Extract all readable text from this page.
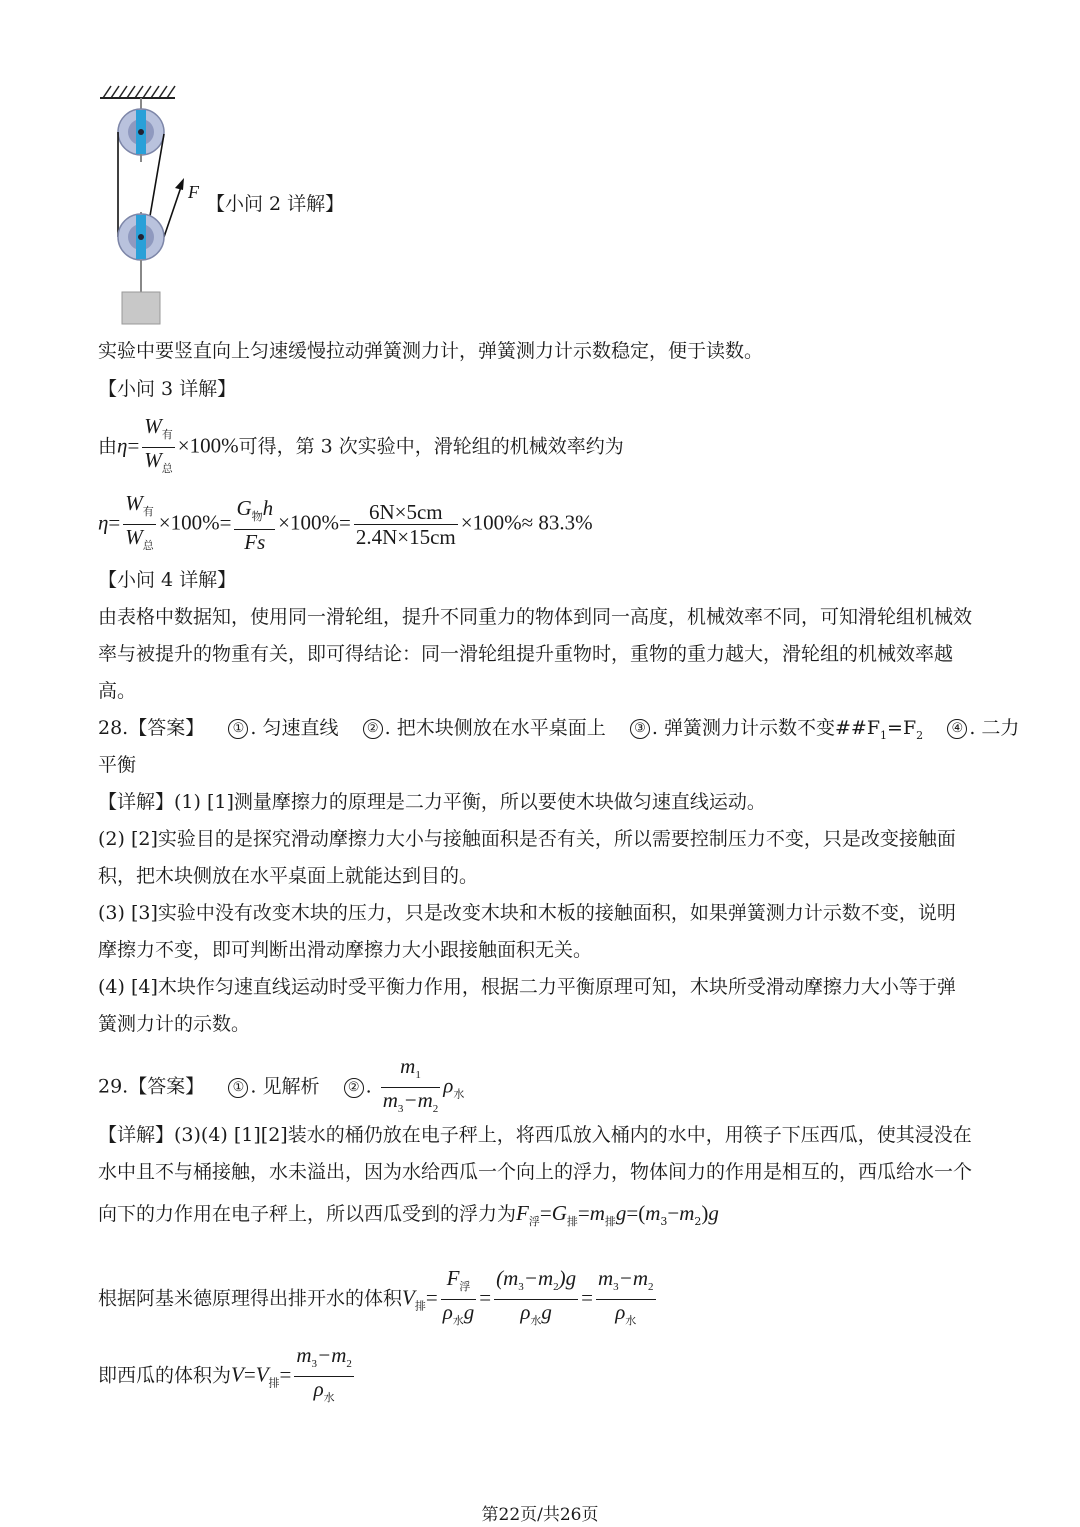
F
【小问 2 详解】
实验中要竖直向上匀速缓慢拉动弹簧测力计，弹簧测力计示数稳定，便于读数。
【小问 3 详解】
由$\eta= \frac{W_有}{W_总} \times 100\%$可得，第 3 次实验中，滑轮组的机械效率约为
$\eta= \frac{W_有}{W_总} \times 100\%= \frac{G_物h}{Fs} \times 100\%= \frac{6N\times 5cm}{2.4N\times 15cm} \times 100\%\approx 83.3\%$
【小问 4 详解】
由表格中数据知，使用同一滑轮组，提升不同重力的物体到同一高度，机械效率不同，可知滑轮组机械效
率与被提升的物重有关，即可得结论：同一滑轮组提升重物时，重物的重力越大，滑轮组的机械效率越
高。
28.【答案】 ① . 匀速直线 ② . 把木块侧放在水平桌面上 ③ . 弹簧测力计示数不变$\#\#F_1=F_2$ ④ . 二力
平衡
【详解】(1) [1]测量摩擦力的原理是二力平衡，所以要使木块做匀速直线运动。
(2) [2]实验目的是探究滑动摩擦力大小与接触面积是否有关，所以需要控制压力不变，只是改变接触面
积，把木块侧放在水平桌面上就能达到目的。
(3) [3]实验中没有改变木块的压力，只是改变木块和木板的接触面积，如果弹簧测力计示数不变，说明
摩擦力不变，即可判断出滑动摩擦力大小跟接触面积无关。
(4) [4]木块作匀速直线运动时受平衡力作用，根据二力平衡原理可知，木块所受滑动摩擦力大小等于弹
簧测力计的示数。
29.【答案】 ① . 见解析 ② . $\frac{m_1}{m_3-m_2} \rho_水$
【详解】(3)(4) [1][2]装水的桶仍放在电子秤上，将西瓜放入桶内的水中，用筷子下压西瓜，使其浸没在
水中且不与桶接触，水未溢出，因为水给西瓜一个向上的浮力，物体间力的作用是相互的，西瓜给水一个
向下的力作用在电子秤上，所以西瓜受到的浮力为$F_浮=G_排=m_排g=(m_3-m_2)g$
根据阿基米德原理得出排开水的体积$V_排= \frac{F_浮}{\rho_水g} = \frac{(m_3-m_2)g}{\rho_水g} = \frac{m_3-m_2}{\rho_水}$
即西瓜的体积为$V=V_排= \frac{m_3-m_2}{\rho_水}$
第22页/共26页
